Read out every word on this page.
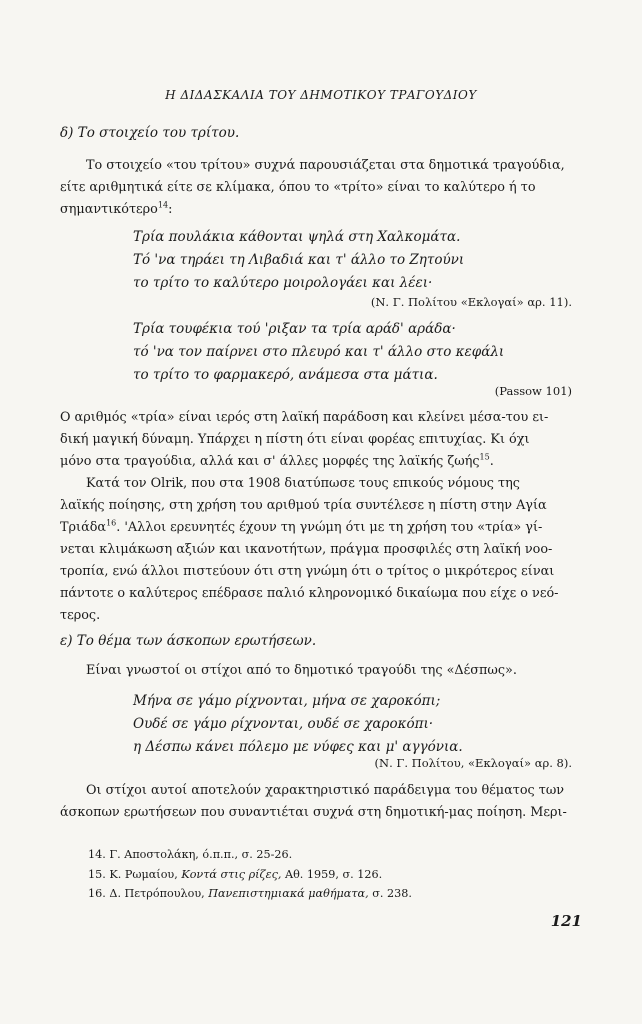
Η ΔΙΔΑΣΚΑΛΙΑ ΤΟΥ ΔΗΜΟΤΙΚΟΥ ΤΡΑΓΟΥΔΙΟΥ
δ) Το στοιχείο του τρίτου.
Το στοιχείο «του τρίτου» συχνά παρουσιάζεται στα δημοτικά τραγούδια,
είτε αριθμητικά είτε σε κλίμακα, όπου το «τρίτο» είναι το καλύτερο ή το
σημαντικότερο$^{14}$:
Τρία πουλάκια κάθονται ψηλά στη Χαλκομάτα.
Τό 'να τηράει τη Λιβαδιά και τ' άλλο το Ζητούνι
το τρίτο το καλύτερο μοιρολογάει και λέει·
(Ν. Γ. Πολίτου «Εκλογαί» αρ. 11).
Τρία τουφέκια τού 'ριξαν τα τρία αράδ' αράδα·
τό 'να τον παίρνει στο πλευρό και τ' άλλο στο κεφάλι
το τρίτο το φαρμακερό, ανάμεσα στα μάτια.
(Passow 101)
Ο αριθμός «τρία» είναι ιερός στη λαϊκή παράδοση και κλείνει μέσα-του ει-
δική μαγική δύναμη. Υπάρχει η πίστη ότι είναι φορέας επιτυχίας. Κι όχι
μόνο στα τραγούδια, αλλά και σ' άλλες μορφές της λαϊκής ζωής$^{15}$.
Κατά τον Olrik, που στα 1908 διατύπωσε τους επικούς νόμους της
λαϊκής ποίησης, στη χρήση του αριθμού τρία συντέλεσε η πίστη στην Αγία
Τριάδα$^{16}$. 'Αλλοι ερευνητές έχουν τη γνώμη ότι με τη χρήση του «τρία» γί-
νεται κλιμάκωση αξιών και ικανοτήτων, πράγμα προσφιλές στη λαϊκή νοο-
τροπία, ενώ άλλοι πιστεύουν ότι στη γνώμη ότι ο τρίτος ο μικρότερος είναι
πάντοτε ο καλύτερος επέδρασε παλιό κληρονομικό δικαίωμα που είχε ο νεό-
τερος.
ε) Το θέμα των άσκοπων ερωτήσεων.
Είναι γνωστοί οι στίχοι από το δημοτικό τραγούδι της «Δέσπως».
Μήνα σε γάμο ρίχνονται, μήνα σε χαροκόπι;
Ουδέ σε γάμο ρίχνονται, ουδέ σε χαροκόπι·
η Δέσπω κάνει πόλεμο με νύφες και μ' αγγόνια.
(Ν. Γ. Πολίτου, «Εκλογαί» αρ. 8).
Οι στίχοι αυτοί αποτελούν χαρακτηριστικό παράδειγμα του θέματος των
άσκοπων ερωτήσεων που συναντιέται συχνά στη δημοτική-μας ποίηση. Μερι-
14. Γ. Αποστολάκη, ό.π.π., σ. 25-26.
15. Κ. Ρωμαίου, Κοντά στις ρίζες, Αθ. 1959, σ. 126.
16. Δ. Πετρόπουλου, Πανεπιστημιακά μαθήματα, σ. 238.
121
